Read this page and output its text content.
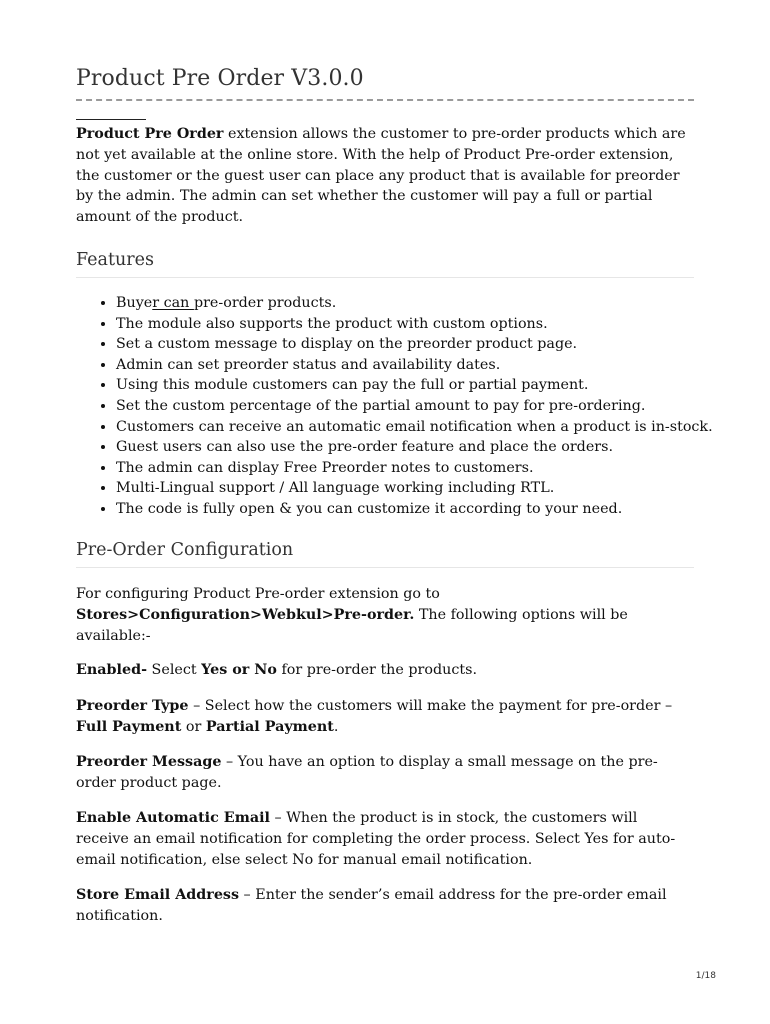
Product Pre Order V3.0.0

Product Pre Order extension allows the customer to pre-order products which are not yet available at the online store. With the help of Product Pre-order extension, the customer or the guest user can place any product that is available for preorder by the admin. The admin can set whether the customer will pay a full or partial amount of the product.

Features
• Buyer can pre-order products.
• The module also supports the product with custom options.
• Set a custom message to display on the preorder product page.
• Admin can set preorder status and availability dates.
• Using this module customers can pay the full or partial payment.
• Set the custom percentage of the partial amount to pay for pre-ordering.
• Customers can receive an automatic email notification when a product is in-stock.
• Guest users can also use the pre-order feature and place the orders.
• The admin can display Free Preorder notes to customers.
• Multi-Lingual support / All language working including RTL.
• The code is fully open & you can customize it according to your need.
Pre-Order Configuration

For configuring Product Pre-order extension go to Stores>Configuration>Webkul>Pre-order. The following options will be available:-

Enabled- Select Yes or No for pre-order the products.

Preorder Type – Select how the customers will make the payment for pre-order – Full Payment or Partial Payment.

Preorder Message – You have an option to display a small message on the pre-order product page.

Enable Automatic Email – When the product is in stock, the customers will receive an email notification for completing the order process. Select Yes for auto-email notification, else select No for manual email notification.

Store Email Address – Enter the sender’s email address for the pre-order email notification.

1/18
